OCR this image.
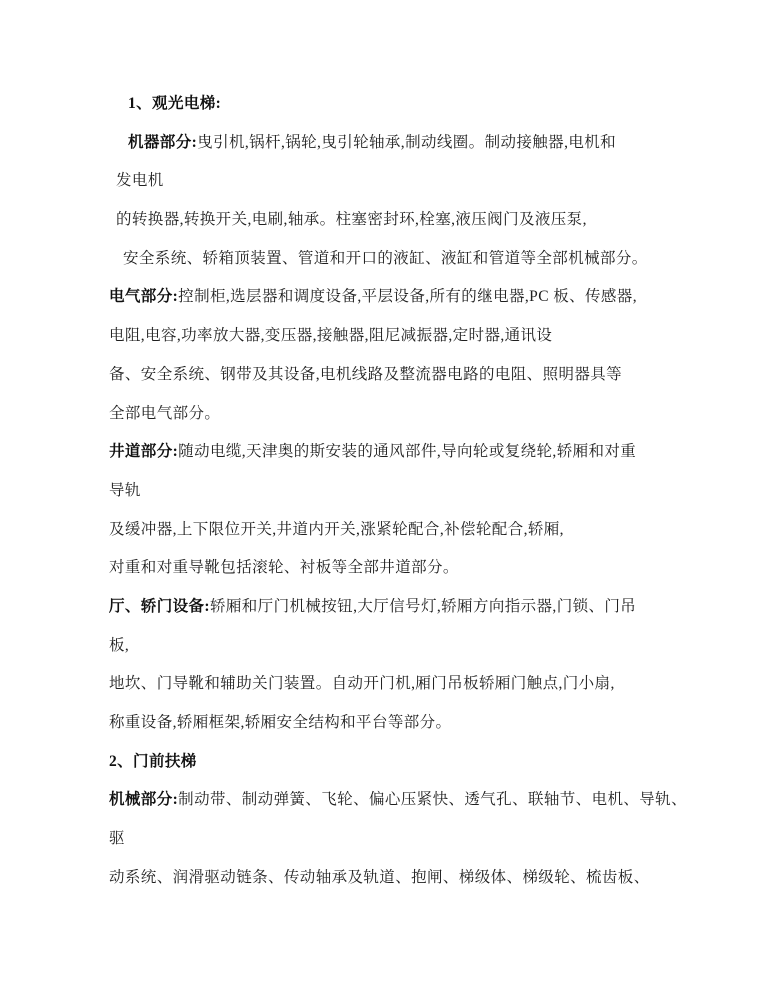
1、观光电梯:
机器部分:曳引机,锅杆,锅轮,曳引轮轴承,制动线圈。制动接触器,电机和
发电机
的转换器,转换开关,电刷,轴承。柱塞密封环,栓塞,液压阀门及液压泵,
安全系统、轿箱顶装置、管道和开口的液缸、液缸和管道等全部机械部分。
电气部分:控制柜,选层器和调度设备,平层设备,所有的继电器,PC 板、传感器,
电阻,电容,功率放大器,变压器,接触器,阻尼减振器,定时器,通讯设
备、安全系统、钢带及其设备,电机线路及整流器电路的电阻、照明器具等
全部电气部分。
井道部分:随动电缆,天津奥的斯安装的通风部件,导向轮或复绕轮,轿厢和对重
导轨
及缓冲器,上下限位开关,井道内开关,涨紧轮配合,补偿轮配合,轿厢,
对重和对重导靴包括滚轮、衬板等全部井道部分。
厅、轿门设备:轿厢和厅门机械按钮,大厅信号灯,轿厢方向指示器,门锁、门吊
板,
地坎、门导靴和辅助关门装置。自动开门机,厢门吊板轿厢门触点,门小扇,
称重设备,轿厢框架,轿厢安全结构和平台等部分。
2、门前扶梯
机械部分:制动带、制动弹簧、飞轮、偏心压紧快、透气孔、联轴节、电机、导轨、
驱
动系统、润滑驱动链条、传动轴承及轨道、抱闸、梯级体、梯级轮、梳齿板、
